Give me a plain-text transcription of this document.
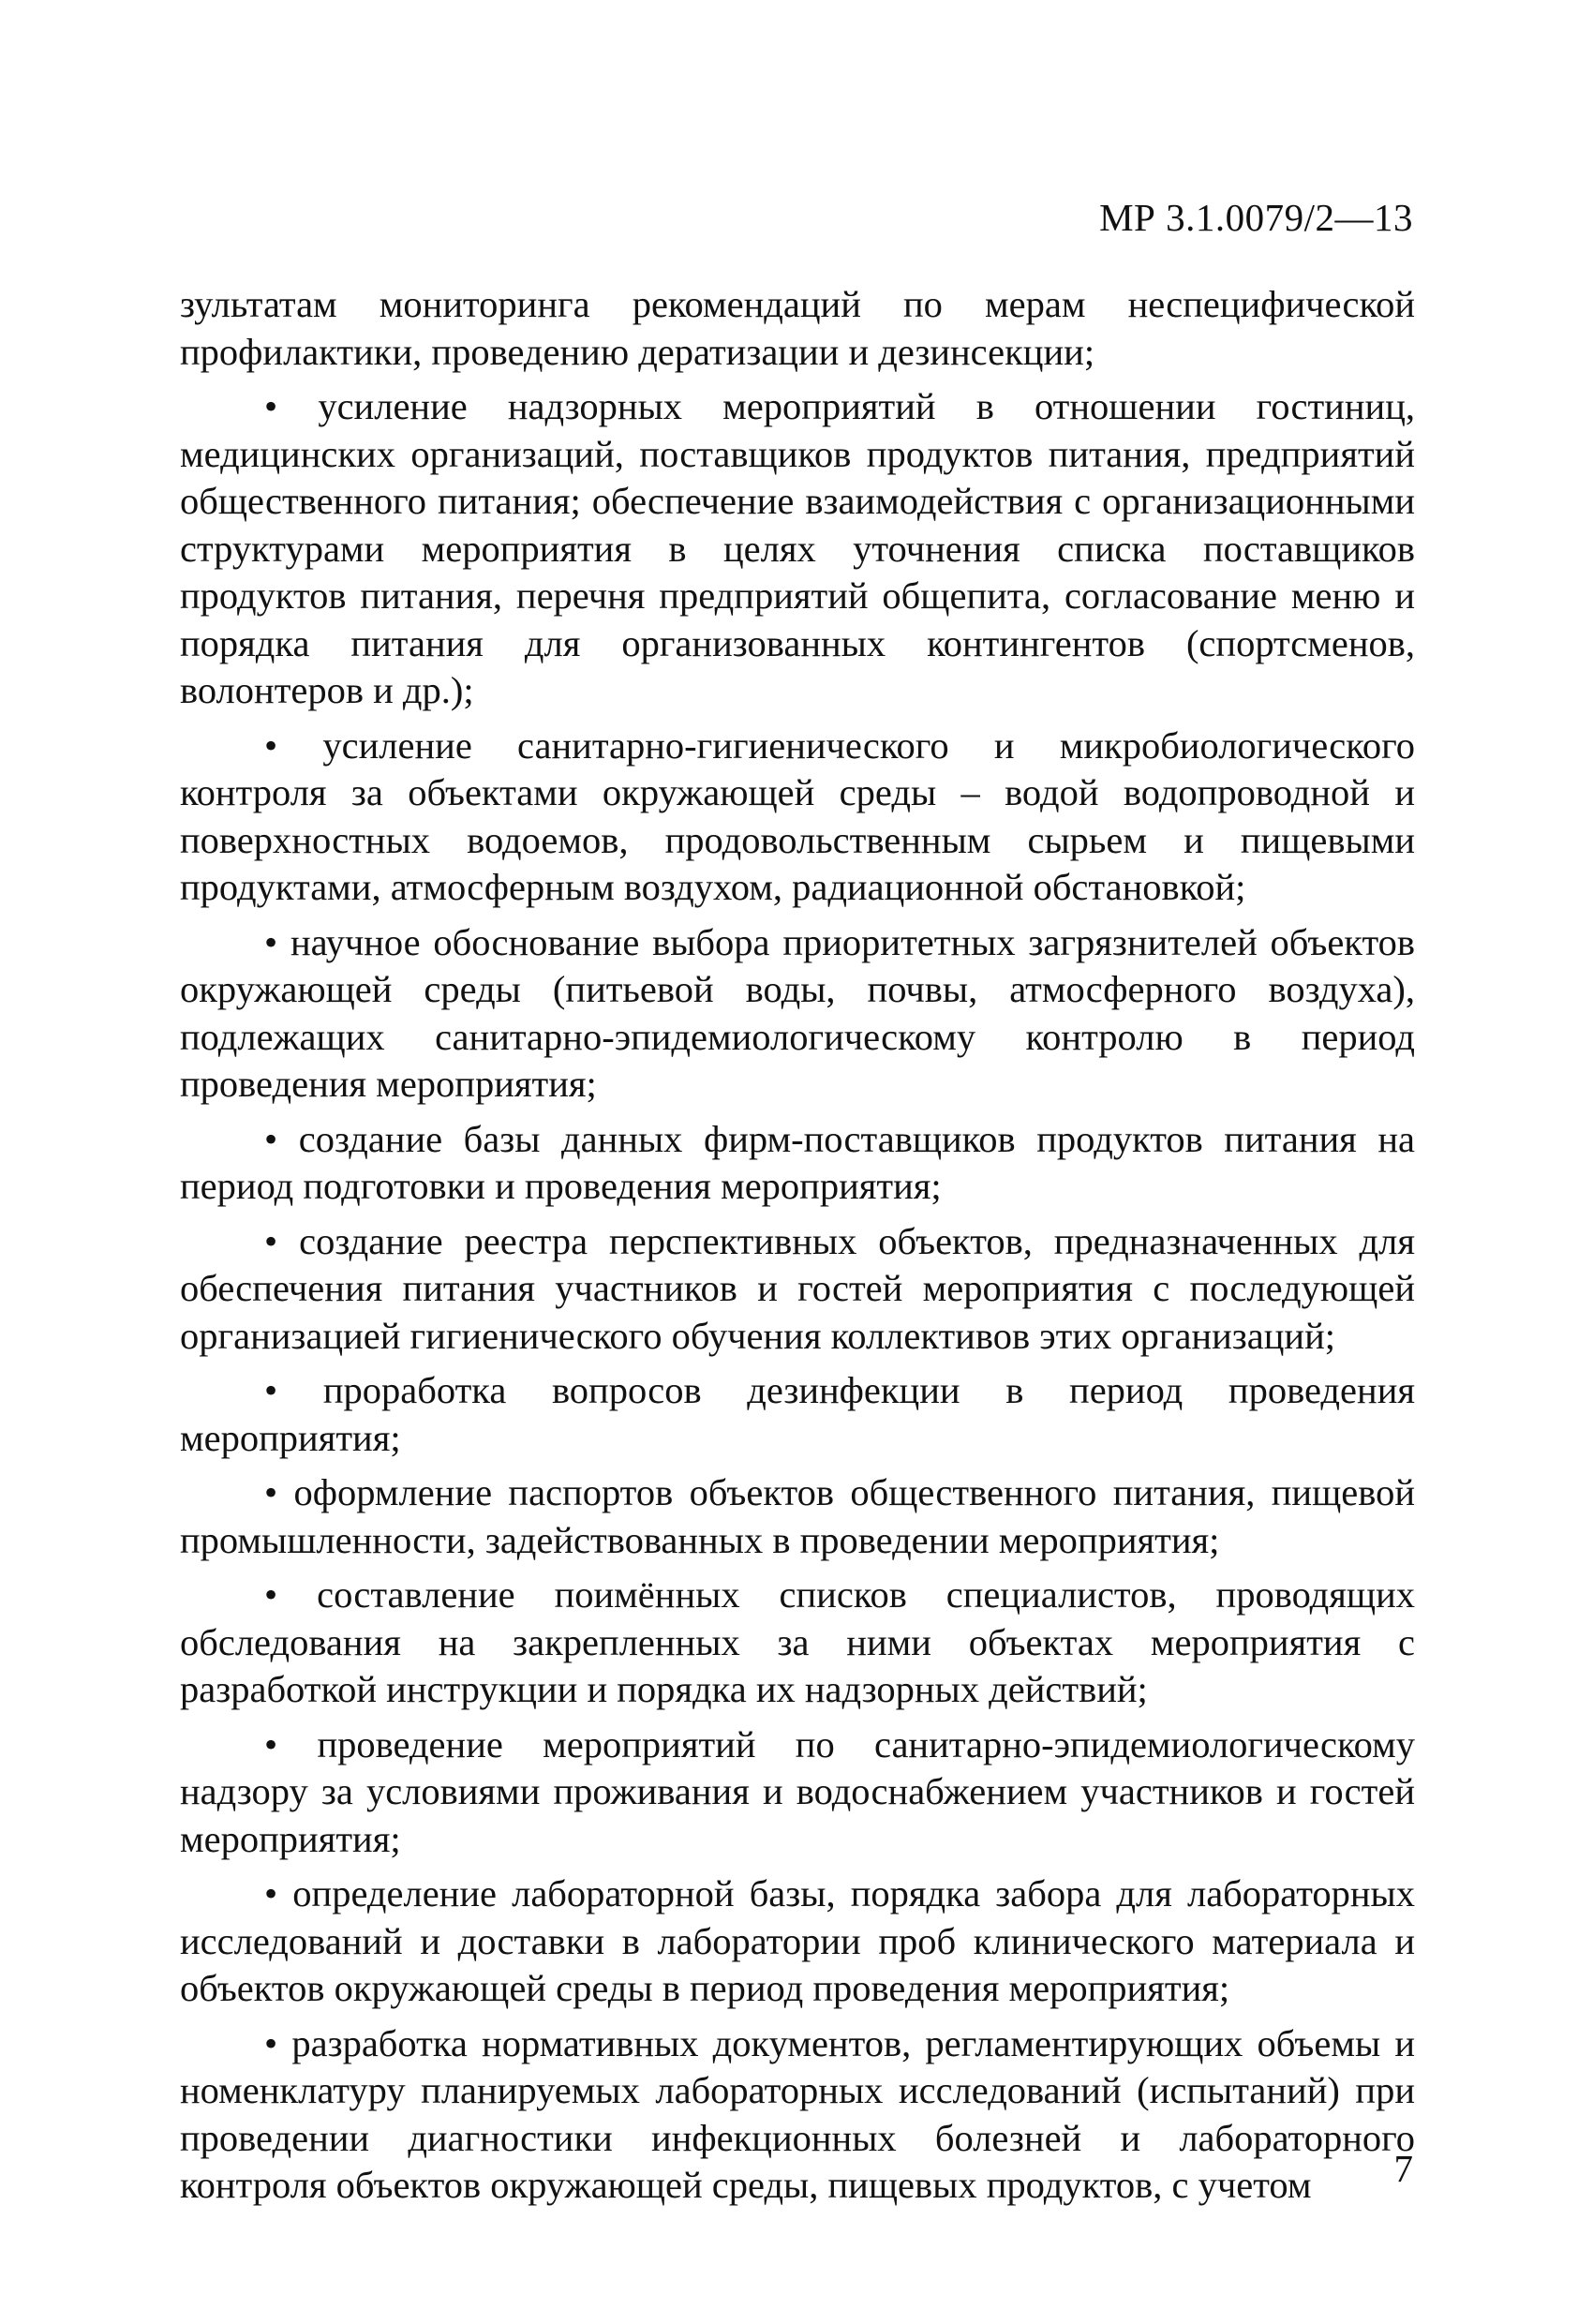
МР 3.1.0079/2—13

зультатам мониторинга рекомендаций по мерам неспецифической профилактики, проведению дератизации и дезинсекции;

• усиление надзорных мероприятий в отношении гостиниц, медицинских организаций, поставщиков продуктов питания, предприятий общественного питания; обеспечение взаимодействия с организационными структурами мероприятия в целях уточнения списка поставщиков продуктов питания, перечня предприятий общепита, согласование меню и порядка питания для организованных контингентов (спортсменов, волонтеров и др.);

• усиление санитарно-гигиенического и микробиологического контроля за объектами окружающей среды – водой водопроводной и поверхностных водоемов, продовольственным сырьем и пищевыми продуктами, атмосферным воздухом, радиационной обстановкой;

• научное обоснование выбора приоритетных загрязнителей объектов окружающей среды (питьевой воды, почвы, атмосферного воздуха), подлежащих санитарно-эпидемиологическому контролю в период проведения мероприятия;

• создание базы данных фирм-поставщиков продуктов питания на период подготовки и проведения мероприятия;

• создание реестра перспективных объектов, предназначенных для обеспечения питания участников и гостей мероприятия с последующей организацией гигиенического обучения коллективов этих организаций;

• проработка вопросов дезинфекции в период проведения мероприятия;

• оформление паспортов объектов общественного питания, пищевой промышленности, задействованных в проведении мероприятия;

• составление поимённых списков специалистов, проводящих обследования на закрепленных за ними объектах мероприятия с разработкой инструкции и порядка их надзорных действий;

• проведение мероприятий по санитарно-эпидемиологическому надзору за условиями проживания и водоснабжением участников и гостей мероприятия;

• определение лабораторной базы, порядка забора для лабораторных исследований и доставки в лаборатории проб клинического материала и объектов окружающей среды в период проведения мероприятия;

• разработка нормативных документов, регламентирующих объемы и номенклатуру планируемых лабораторных исследований (испытаний) при проведении диагностики инфекционных болезней и лабораторного контроля объектов окружающей среды, пищевых продуктов, с учетом	7
